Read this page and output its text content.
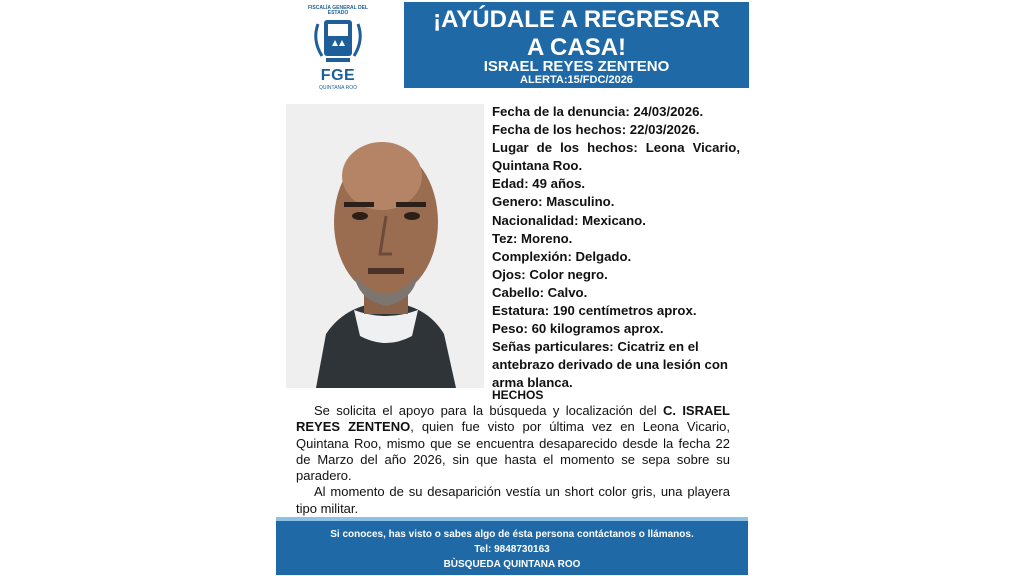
FISCALÍA GENERAL DEL ESTADO
FGE
QUINTANA ROO
¡AYÚDALE A REGRESAR
A CASA!
ISRAEL REYES ZENTENO
ALERTA:15/FDC/2026
Fecha de la denuncia: 24/03/2026.
Fecha de los hechos: 22/03/2026.
Lugar de los hechos: Leona Vicario, Quintana Roo.
Edad: 49 años.
Genero: Masculino.
Nacionalidad: Mexicano.
Tez: Moreno.
Complexión: Delgado.
Ojos: Color negro.
Cabello: Calvo.
Estatura: 190 centímetros aprox.
Peso: 60 kilogramos aprox.
Señas particulares: Cicatriz en el antebrazo derivado de una lesión con arma blanca.
HECHOS

Se solicita el apoyo para la búsqueda y localización del C. ISRAEL REYES ZENTENO, quien fue visto por última vez en Leona Vicario, Quintana Roo, mismo que se encuentra desaparecido desde la fecha 22 de Marzo del año 2026, sin que hasta el momento se sepa sobre su paradero.

Al momento de su desaparición vestía un short color gris, una playera tipo militar.

Si conoces, has visto o sabes algo de ésta persona contáctanos o llámanos.
Tel: 9848730163
BÙSQUEDA QUINTANA ROO
